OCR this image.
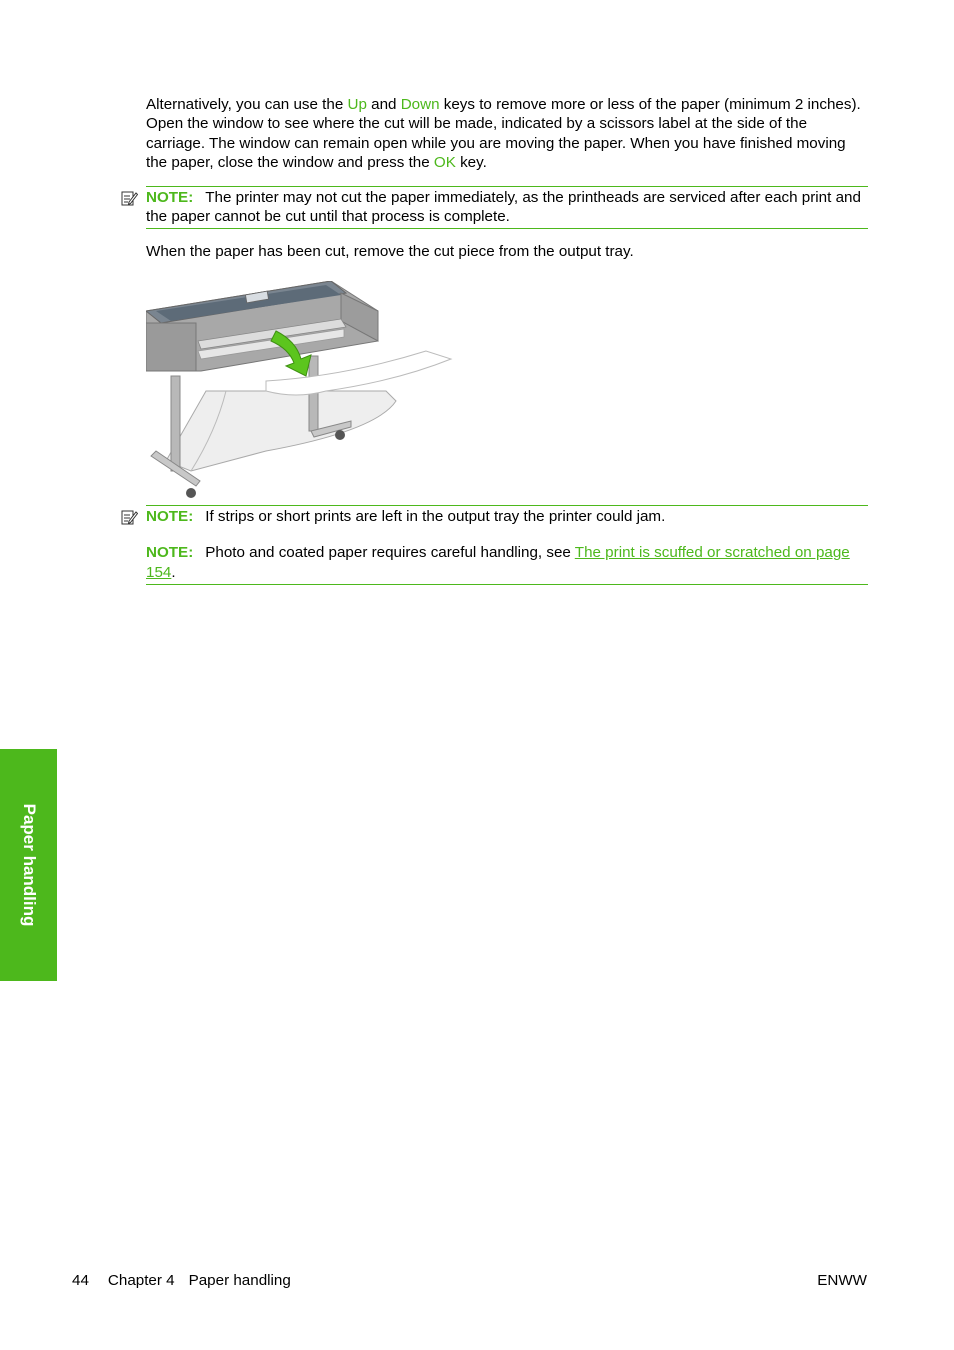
Alternatively, you can use the Up and Down keys to remove more or less of the paper (minimum 2 inches). Open the window to see where the cut will be made, indicated by a scissors label at the side of the carriage. The window can remain open while you are moving the paper. When you have finished moving the paper, close the window and press the OK key.

NOTE: The printer may not cut the paper immediately, as the printheads are serviced after each print and the paper cannot be cut until that process is complete.

When the paper has been cut, remove the cut piece from the output tray.

NOTE: If strips or short prints are left in the output tray the printer could jam.

NOTE: Photo and coated paper requires careful handling, see The print is scuffed or scratched on page 154.

Paper handling
44 Chapter 4 Paper handling	ENWW
